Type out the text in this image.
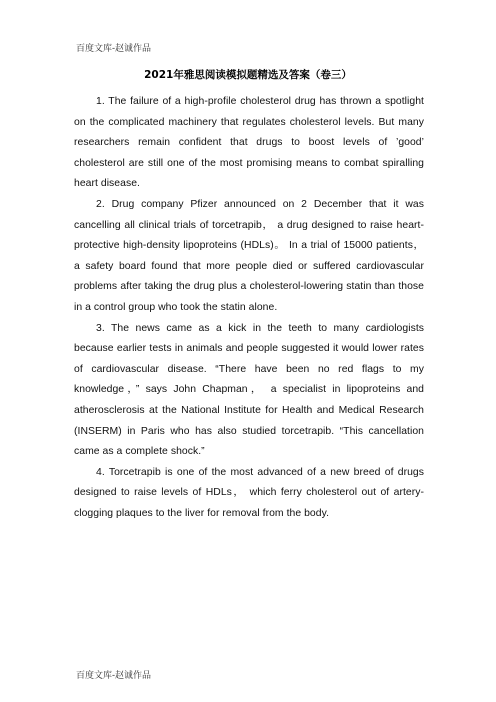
百度文库-赵诚作品
2021年雅思阅读模拟题精选及答案（卷三）

1. The failure of a high-profile cholesterol drug has thrown a spotlight on the complicated machinery that regulates cholesterol levels. But many researchers remain confident that drugs to boost levels of ’good’ cholesterol are still one of the most promising means to combat spiralling heart disease.

2. Drug company Pfizer announced on 2 December that it was cancelling all clinical trials of torcetrapib， a drug designed to raise heart-protective high-density lipoproteins (HDLs)。 In a trial of 15000 patients， a safety board found that more people died or suffered cardiovascular problems after taking the drug plus a cholesterol-lowering statin than those in a control group who took the statin alone.

3. The news came as a kick in the teeth to many cardiologists because earlier tests in animals and people suggested it would lower rates of cardiovascular disease. “There have been no red flags to my knowledge，” says John Chapman， a specialist in lipoproteins and atherosclerosis at the National Institute for Health and Medical Research (INSERM) in Paris who has also studied torcetrapib. “This cancellation came as a complete shock.”

4. Torcetrapib is one of the most advanced of a new breed of drugs designed to raise levels of HDLs， which ferry cholesterol out of artery-clogging plaques to the liver for removal from the body.

百度文库-赵诚作品
